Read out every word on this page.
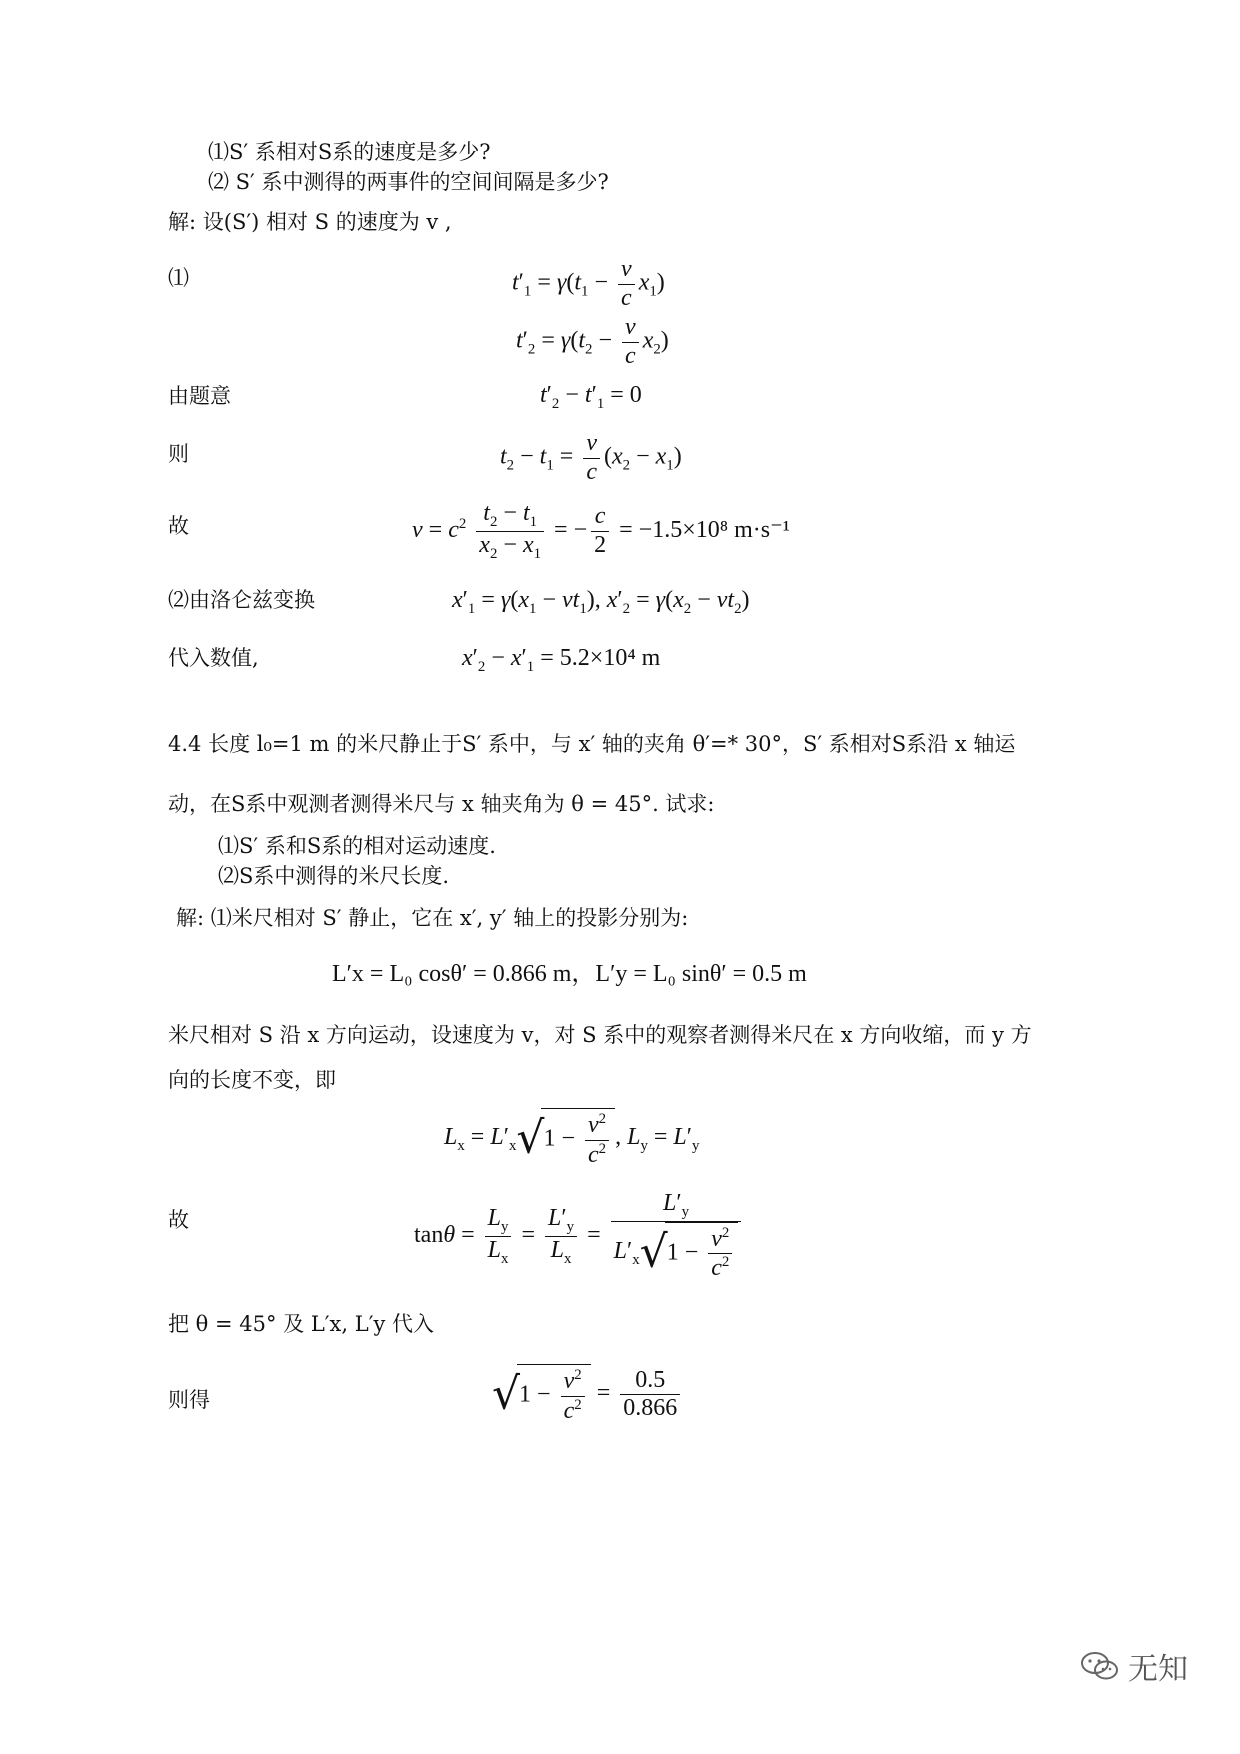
⑴S′ 系相对S系的速度是多少?
⑵ S′ 系中测得的两事件的空间间隔是多少?
解: 设(S′) 相对 S 的速度为 v ,
⑴	$t'_1 = \gamma(t_1 - \frac{v}{c} x_1)$
$t'_2 = \gamma(t_2 - \frac{v}{c} x_2)$
由题意	$t'_2 - t'_1 = 0$
则	$t_2 - t_1 = \frac{v}{c} (x_2 - x_1)$
故	$v = c^2 \frac{t_2 - t_1}{x_2 - x_1}$ = − $\frac{c}{2} = -1.5\times 10^8$ m·s⁻¹
⑵由洛仑兹变换	$x'_1 = \gamma(x_1 - vt_1)$, $x'_2 = \gamma(x_2 - vt_2)$
代入数值,	$x'_2 - x'_1 = 5.2\times 10^4$ m
4.4 长度 l₀=1 m 的米尺静止于S′ 系中，与 x′ 轴的夹角 θ′=* 30°，S′ 系相对S系沿 x 轴运
动，在S系中观测者测得米尺与 x 轴夹角为 θ = 45°. 试求:
⑴S′ 系和S系的相对运动速度.
⑵S系中测得的米尺长度.
解: ⑴米尺相对 S′ 静止，它在 x′, y′ 轴上的投影分别为:
L′x = L₀ cosθ′ = 0.866 m，L′y = L₀ sinθ′ = 0.5 m
米尺相对 S 沿 x 方向运动，设速度为 v，对 S 系中的观察者测得米尺在 x 方向收缩，而 y 方
向的长度不变，即
$L_x = L'_x√1 - \frac{v^2}{c^2}$ , $L_y = L'_y$
故
$\tan\theta = \frac{L_y}{L_x} = \frac{L'_y}{L_x} = \frac{L'_y}{L'_x√1 - \frac{v^2}{c^2}}$
把 θ = 45° 及 L′x, L′y 代入
则得	$√1 - \frac{v^2}{c^2} = \frac{0.5}{0.866}$
无知
